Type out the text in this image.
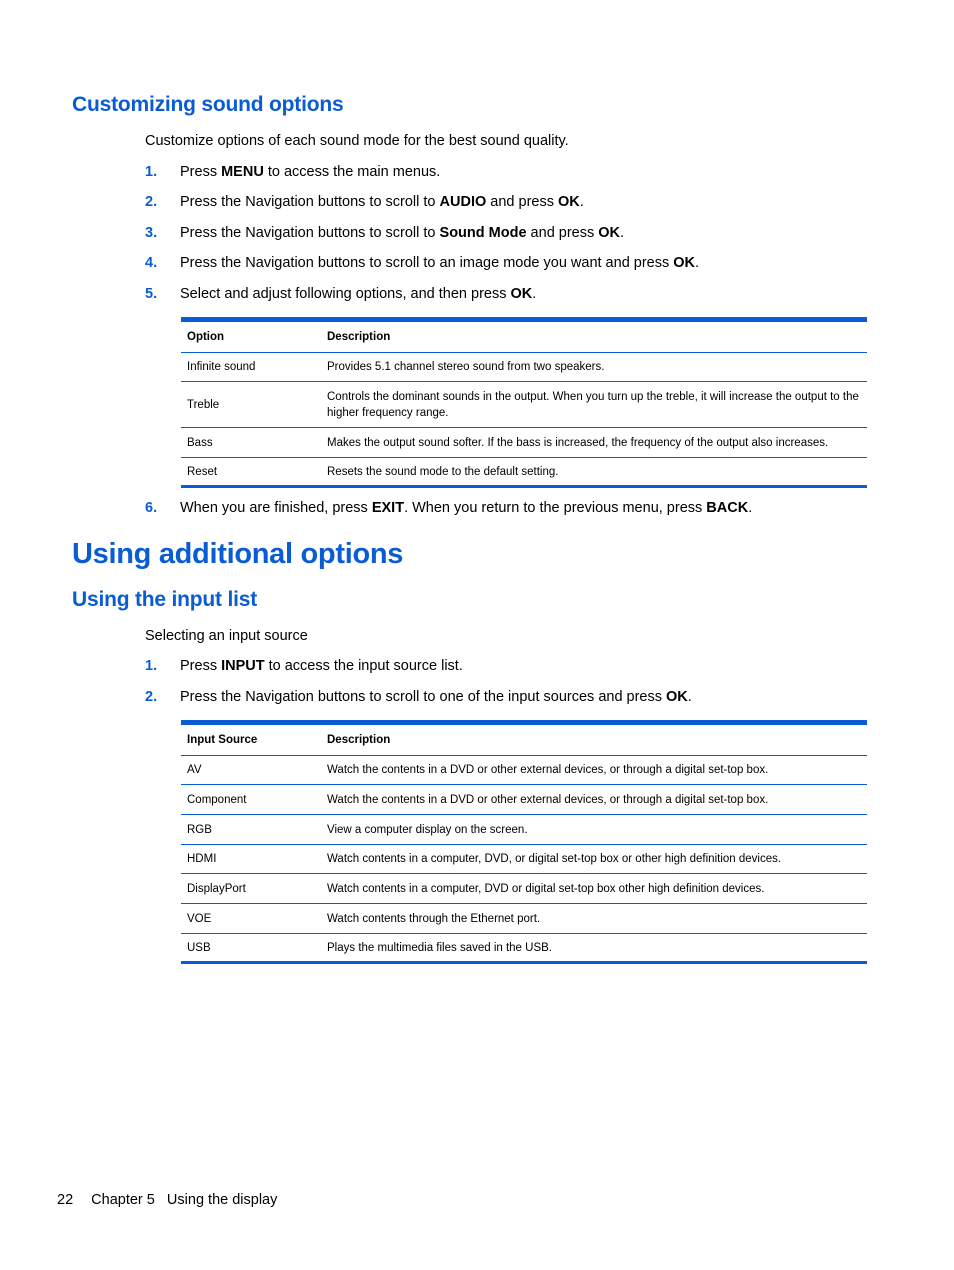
Customizing sound options
Customize options of each sound mode for the best sound quality.
1. Press MENU to access the main menus.
2. Press the Navigation buttons to scroll to AUDIO and press OK.
3. Press the Navigation buttons to scroll to Sound Mode and press OK.
4. Press the Navigation buttons to scroll to an image mode you want and press OK.
5. Select and adjust following options, and then press OK.
Option	Description
Infinite sound	Provides 5.1 channel stereo sound from two speakers.
Treble	Controls the dominant sounds in the output. When you turn up the treble, it will increase the output to the higher frequency range.
Bass	Makes the output sound softer. If the bass is increased, the frequency of the output also increases.
Reset	Resets the sound mode to the default setting.
6. When you are finished, press EXIT. When you return to the previous menu, press BACK.
Using additional options
Using the input list
Selecting an input source
1. Press INPUT to access the input source list.
2. Press the Navigation buttons to scroll to one of the input sources and press OK.
Input Source	Description
AV	Watch the contents in a DVD or other external devices, or through a digital set-top box.
Component	Watch the contents in a DVD or other external devices, or through a digital set-top box.
RGB	View a computer display on the screen.
HDMI	Watch contents in a computer, DVD, or digital set-top box or other high definition devices.
DisplayPort	Watch contents in a computer, DVD or digital set-top box other high definition devices.
VOE	Watch contents through the Ethernet port.
USB	Plays the multimedia files saved in the USB.
22 Chapter 5   Using the display
